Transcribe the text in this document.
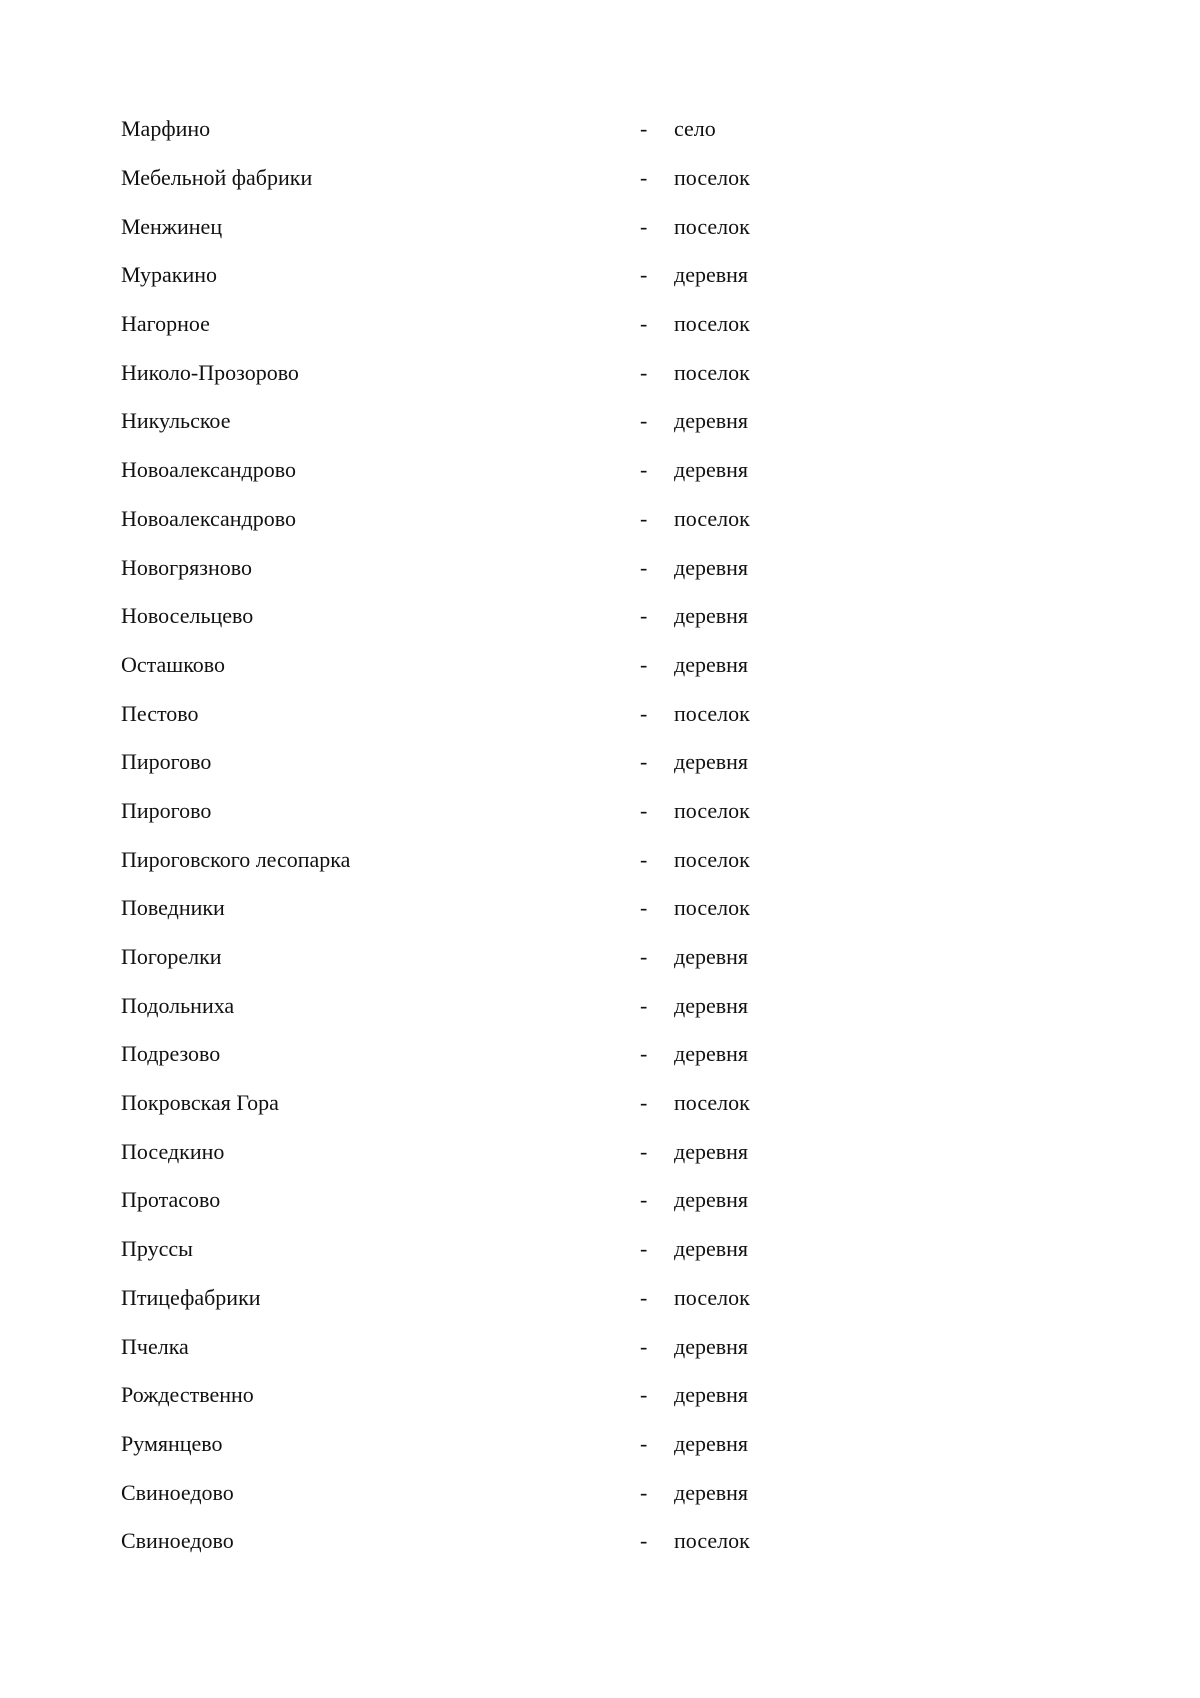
Марфино	-	село
Мебельной фабрики	-	поселок
Менжинец	-	поселок
Муракино	-	деревня
Нагорное	-	поселок
Николо-Прозорово	-	поселок
Никульское	-	деревня
Новоалександрово	-	деревня
Новоалександрово	-	поселок
Новогрязново	-	деревня
Новосельцево	-	деревня
Осташково	-	деревня
Пестово	-	поселок
Пирогово	-	деревня
Пирогово	-	поселок
Пироговского лесопарка	-	поселок
Поведники	-	поселок
Погорелки	-	деревня
Подольниха	-	деревня
Подрезово	-	деревня
Покровская Гора	-	поселок
Поседкино	-	деревня
Протасово	-	деревня
Пруссы	-	деревня
Птицефабрики	-	поселок
Пчелка	-	деревня
Рождественно	-	деревня
Румянцево	-	деревня
Свиноедово	-	деревня
Свиноедово	-	поселок
